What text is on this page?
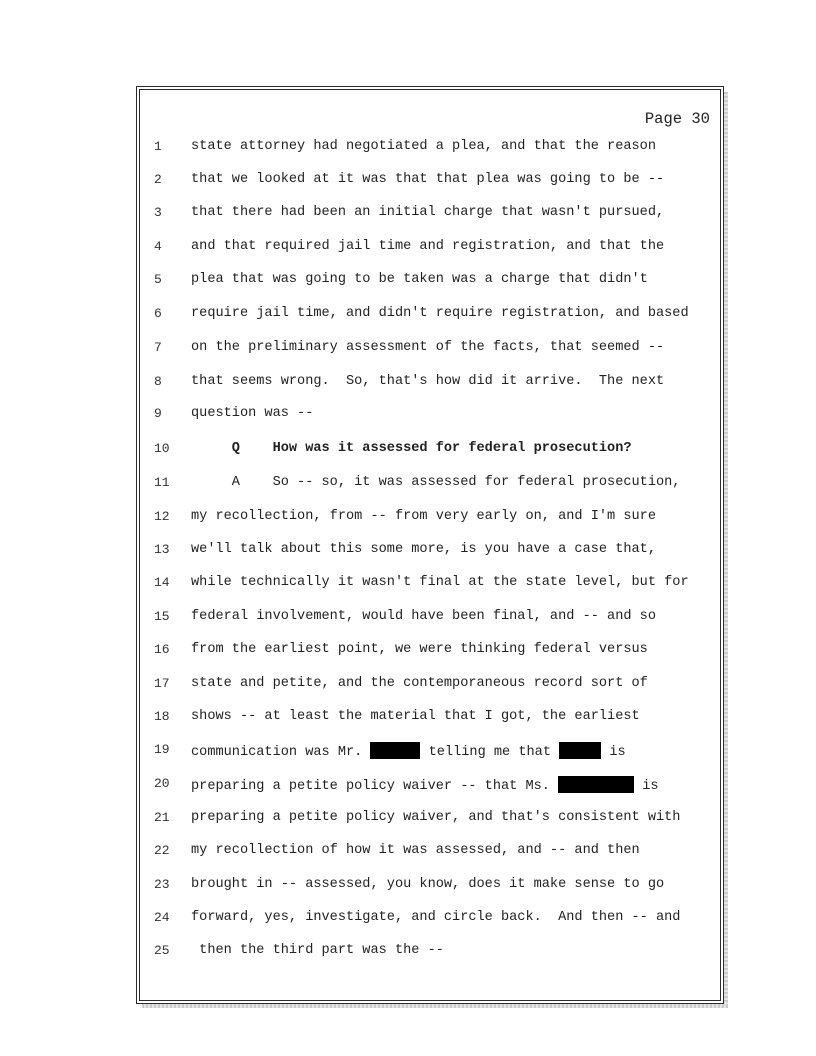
Page 30
1	state attorney had negotiated a plea, and that the reason
2	that we looked at it was that that plea was going to be --
3	that there had been an initial charge that wasn't pursued,
4	and that required jail time and registration, and that the
5	plea that was going to be taken was a charge that didn't
6	require jail time, and didn't require registration, and based
7	on the preliminary assessment of the facts, that seemed --
8	that seems wrong.  So, that's how did it arrive.  The next
9	question was --
10	Q    How was it assessed for federal prosecution?
11	A    So -- so, it was assessed for federal prosecution,
12	my recollection, from -- from very early on, and I'm sure
13	we'll talk about this some more, is you have a case that,
14	while technically it wasn't final at the state level, but for
15	federal involvement, would have been final, and -- and so
16	from the earliest point, we were thinking federal versus
17	state and petite, and the contemporaneous record sort of
18	shows -- at least the material that I got, the earliest
19	communication was Mr.	telling me that	is
20	preparing a petite policy waiver -- that Ms.	is
21	preparing a petite policy waiver, and that's consistent with
22	my recollection of how it was assessed, and -- and then
23	brought in -- assessed, you know, does it make sense to go
24	forward, yes, investigate, and circle back.  And then -- and
25	then the third part was the --
